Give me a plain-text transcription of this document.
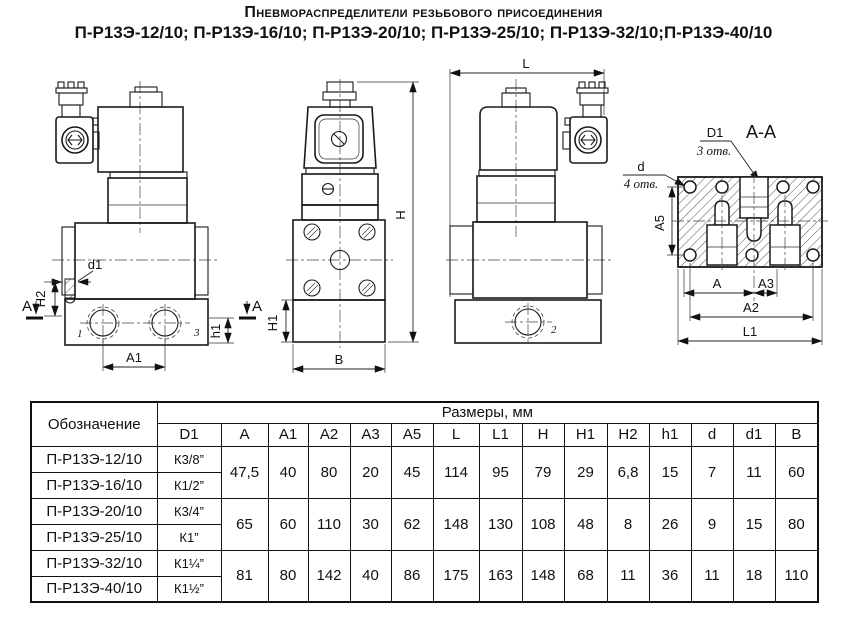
Пневмораспределители резьбового присоединения
П-Р13Э-12/10; П-Р13Э-16/10; П-Р13Э-20/10; П-Р13Э-25/10; П-Р13Э-32/10;П-Р13Э-40/10
d1
H2
A	A
h1
A1
1	3
H
H1
B
L
2
d
4 отв.
А-А
D1
3 отв.
A5
A	A3
A2
L1
Обозначение	Размеры, мм														
	D1	A	A1	A2	A3	A5	L	L1	H	H1	H2	h1	d	d1	B
П-Р13Э-12/10	К3/8”	47,5	40	80	20	45	114	95	79	29	6,8	15	7	11	60
П-Р13Э-16/10	К1/2”														
П-Р13Э-20/10	К3/4”	65	60	110	30	62	148	130	108	48	8	26	9	15	80
П-Р13Э-25/10	К1”														
П-Р13Э-32/10	К1¼”	81	80	142	40	86	175	163	148	68	11	36	11	18	110
П-Р13Э-40/10	К1½”														
